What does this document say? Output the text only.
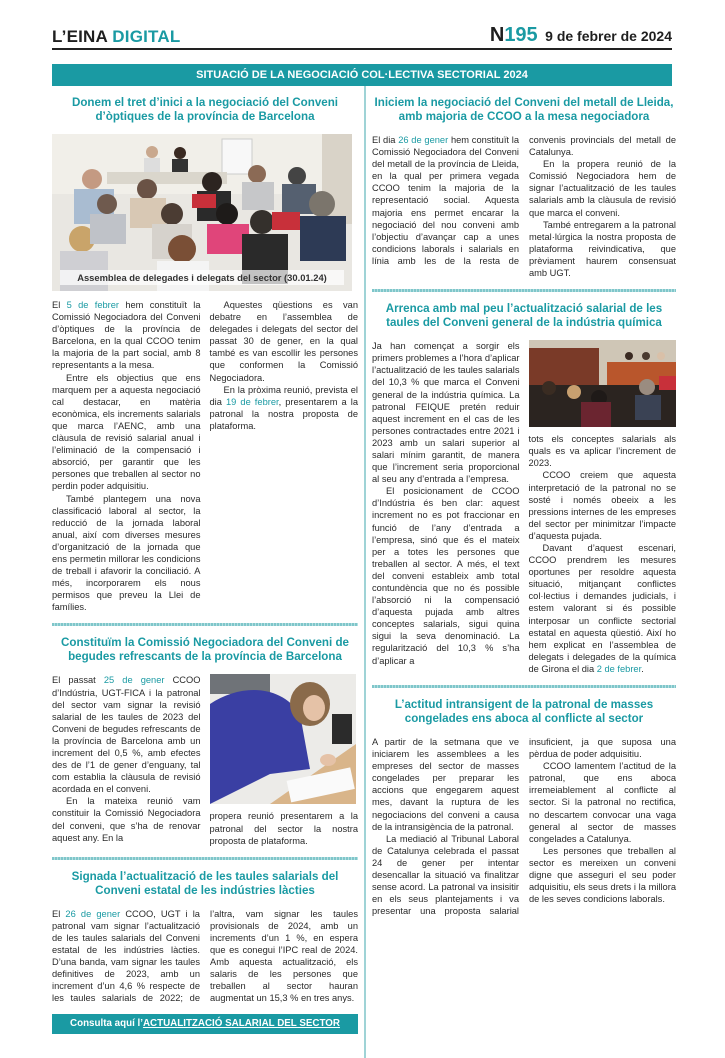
L’EINA DIGITAL	N195 9 de febrer de 2024
SITUACIÓ DE LA NEGOCIACIÓ COL·LECTIVA SECTORIAL 2024
Donem el tret d’inici a la negociació del Conveni d’òptiques de la província de Barcelona
Assemblea de delegades i delegats del sector (30.01.24)

El 5 de febrer hem constituït la Comissió Negociadora del Conveni d’òptiques de la província de Barcelona, en la qual CCOO tenim la majoria de la part social, amb 8 representants a la mesa.

Entre els objectius que ens marquem per a aquesta negociació cal destacar, en matèria econòmica, els increments salarials que marca l’AENC, amb una clàusula de revisió salarial anual i l’eliminació de la compensació i absorció, per garantir que les persones que treballen al sector no perdin poder adquisitiu.

També plantegem una nova classificació laboral al sector, la reducció de la jornada laboral anual, així com diverses mesures d’organització de la jornada que ens permetin millorar les condicions de treball i afavorir la conciliació. A més, incorporarem els nous permisos que preveu la Llei de famílies.

Aquestes qüestions es van debatre en l’assemblea de delegades i delegats del sector del passat 30 de gener, en la qual també es van escollir les persones que conformen la Comissió Negociadora.

En la pròxima reunió, prevista el dia 19 de febrer, presentarem a la patronal la nostra proposta de plataforma.

Constituïm la Comissió Negociadora del Conveni de begudes refrescants de la província de Barcelona

El passat 25 de gener CCOO d’Indústria, UGT-FICA i la patronal del sector vam signar la revisió salarial de les taules de 2023 del Conveni de begudes refrescants de la província de Barcelona amb un increment del 0,5 %, amb efectes des de l’1 de gener d’enguany, tal com establia la clàusula de revisió acordada en el conveni.

En la mateixa reunió vam constituir la Comissió Negociadora del conveni, que s’ha de renovar aquest any. En la

propera reunió presentarem a la patronal del sector la nostra proposta de plataforma.

Signada l’actualització de les taules salarials del Conveni estatal de les indústries làcties

El 26 de gener CCOO, UGT i la patronal vam signar l’actualització de les taules salarials del Conveni estatal de les indústries làcties. D’una banda, vam signar les taules definitives de 2023, amb un increment d’un 4,6 % respecte de les taules salarials de 2022; de l’altra, vam signar les taules provisionals de 2024, amb un increments d’un 1 %, en espera que es conegui l’IPC real de 2024. Amb aquesta actualització, els salaris de les persones que treballen al sector hauran augmentat un 15,3 % en tres anys.

Consulta aquí l’ACTUALITZACIÓ SALARIAL DEL SECTOR
Iniciem la negociació del Conveni del metall de Lleida, amb majoria de CCOO a la mesa negociadora

El dia 26 de gener hem constituït la Comissió Negociadora del Conveni del metall de la província de Lleida, en la qual per primera vegada CCOO tenim la majoria de la representació social. Aquesta majoria ens permet encarar la negociació del nou conveni amb l’objectiu d’avançar cap a unes condicions laborals i salarials en línia amb les de la resta de convenis provincials del metall de Catalunya.

En la propera reunió de la Comissió Negociadora hem de signar l’actualització de les taules salarials amb la clàusula de revisió que marca el conveni.

També entregarem a la patronal metal·lúrgica la nostra proposta de plataforma reivindicativa, que prèviament haurem consensuat amb UGT.

Arrenca amb mal peu l’actualització salarial de les taules del Conveni general de la indústria química

Ja han començat a sorgir els primers problemes a l’hora d’aplicar l’actualització de les taules salarials del 10,3 % que marca el Conveni general de la indústria química. La patronal FEIQUE pretén reduir aquest increment en el cas de les persones contractades entre 2021 i 2023 amb un salari superior al salari mínim garantit, de manera que l’increment seria proporcional al seu any d’entrada a l’empresa.

El posicionament de CCOO d’Indústria és ben clar: aquest increment no es pot fraccionar en funció de l’any d’entrada a l’empresa, sinó que és el mateix per a totes les persones que treballen al sector. A més, el text del conveni estableix amb total contundència que no és possible l’absorció ni la compensació d’aquesta pujada amb altres conceptes salarials, sigui quina sigui la seva denominació. La regularització del 10,3 % s’ha d’aplicar a

tots els conceptes salarials als quals es va aplicar l’increment de 2023.

CCOO creiem que aquesta interpretació de la patronal no se sosté i només obeeix a les pressions internes de les empreses del sector per minimitzar l’impacte d’aquesta pujada.

Davant d’aquest escenari, CCOO prendrem les mesures oportunes per resoldre aquesta situació, mitjançant conflictes col·lectius i demandes judicials, i estem valorant si és possible interposar un conflicte sectorial estatal en aquesta qüestió. Així ho hem explicat en l’assemblea de delegats i delegades de la química de Girona el dia 2 de febrer.

L’actitud intransigent de la patronal de masses congelades ens aboca al conflicte al sector

A partir de la setmana que ve iniciarem les assemblees a les empreses del sector de masses congelades per preparar les accions que engegarem aquest mes, davant la ruptura de les negociacions del conveni a causa de la intransigència de la patronal.

La mediació al Tribunal Laboral de Catalunya celebrada el passat 24 de gener per intentar desencallar la situació va finalitzar sense acord. La patronal va insisitir en els seus plantejaments i va presentar una proposta salarial insuficient, ja que suposa una pèrdua de poder adquisitiu.

CCOO lamentem l’actitud de la patronal, que ens aboca irremeiablement al conflicte al sector. Si la patronal no rectifica, no descartem convocar una vaga general al sector de masses congelades a Catalunya.

Les persones que treballen al sector es mereixen un conveni digne que asseguri el seu poder adquisitiu, els seus drets i la millora de les seves condicions laborals.
